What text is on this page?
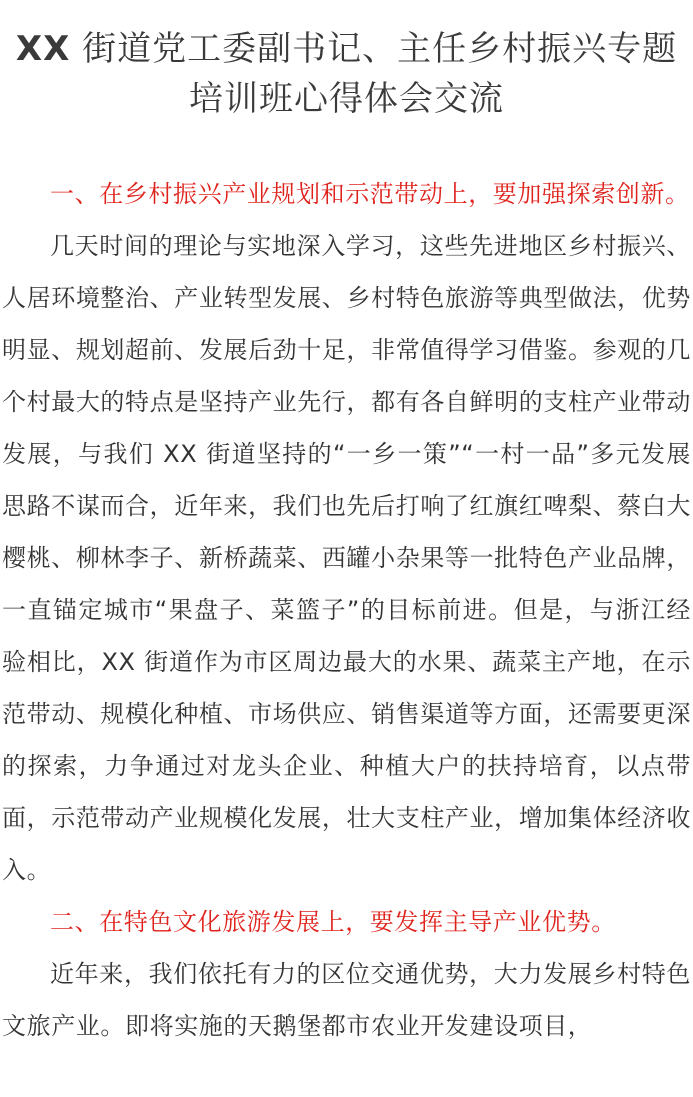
XX 街道党工委副书记、主任乡村振兴专题
培训班心得体会交流

一、在乡村振兴产业规划和示范带动上，要加强探索创新。

几天时间的理论与实地深入学习，这些先进地区乡村振兴、人居环境整治、产业转型发展、乡村特色旅游等典型做法，优势明显、规划超前、发展后劲十足，非常值得学习借鉴。参观的几个村最大的特点是坚持产业先行，都有各自鲜明的支柱产业带动发展，与我们 XX 街道坚持的“一乡一策”“一村一品”多元发展思路不谋而合，近年来，我们也先后打响了红旗红啤梨、蔡白大樱桃、柳林李子、新桥蔬菜、西罐小杂果等一批特色产业品牌，一直锚定城市“果盘子、菜篮子”的目标前进。但是，与浙江经验相比，XX 街道作为市区周边最大的水果、蔬菜主产地，在示范带动、规模化种植、市场供应、销售渠道等方面，还需要更深的探索，力争通过对龙头企业、种植大户的扶持培育，以点带面，示范带动产业规模化发展，壮大支柱产业，增加集体经济收入。

二、在特色文化旅游发展上，要发挥主导产业优势。

近年来，我们依托有力的区位交通优势，大力发展乡村特色文旅产业。即将实施的天鹅堡都市农业开发建设项目，
